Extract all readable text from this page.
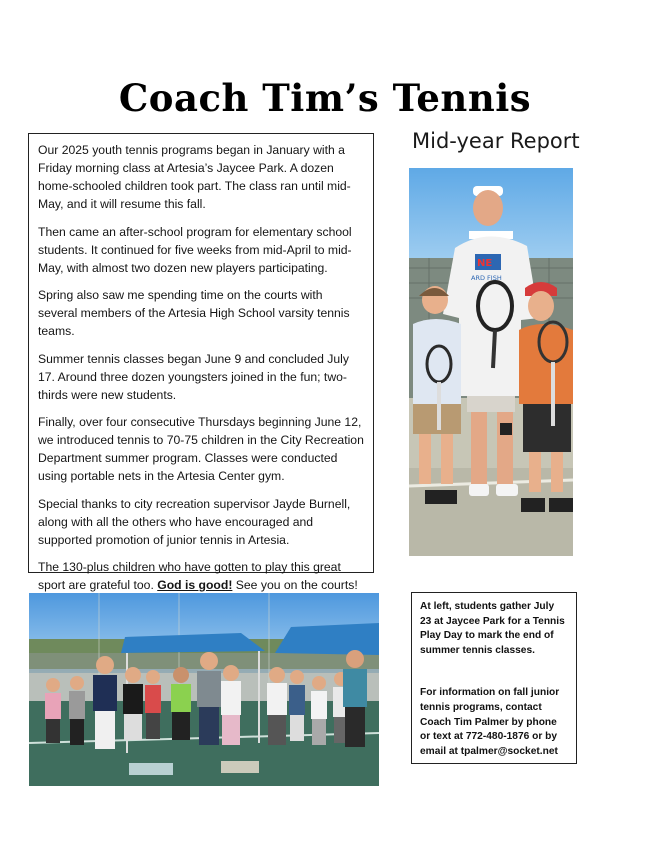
Coach Tim’s Tennis

Our 2025 youth tennis programs began in January with a Friday morning class at Artesia’s Jaycee Park. A dozen home-schooled children took part. The class ran until mid-May, and it will resume this fall.

Then came an after-school program for elementary school students. It continued for five weeks from mid-April to mid-May, with almost two dozen new players participating.

Spring also saw me spending time on the courts with several members of the Artesia High School varsity tennis teams.

Summer tennis classes began June 9 and concluded July 17. Around three dozen youngsters joined in the fun; two-thirds were new students.

Finally, over four consecutive Thursdays beginning June 12, we introduced tennis to 70-75 children in the City Recreation Department summer program. Classes were conducted using portable nets in the Artesia Center gym.

Special thanks to city recreation supervisor Jayde Burnell, along with all the others who have encouraged and supported promotion of junior tennis in Artesia.

The 130-plus children who have gotten to play this great sport are grateful too. God is good! See you on the courts!

Mid-year Report
NE
ARD FISH

At left, students gather July 23 at Jaycee Park for a Tennis Play Day to mark the end of summer tennis classes.

For information on fall junior tennis programs, contact Coach Tim Palmer by phone or text at 772-480-1876 or by email at tpalmer@socket.net
